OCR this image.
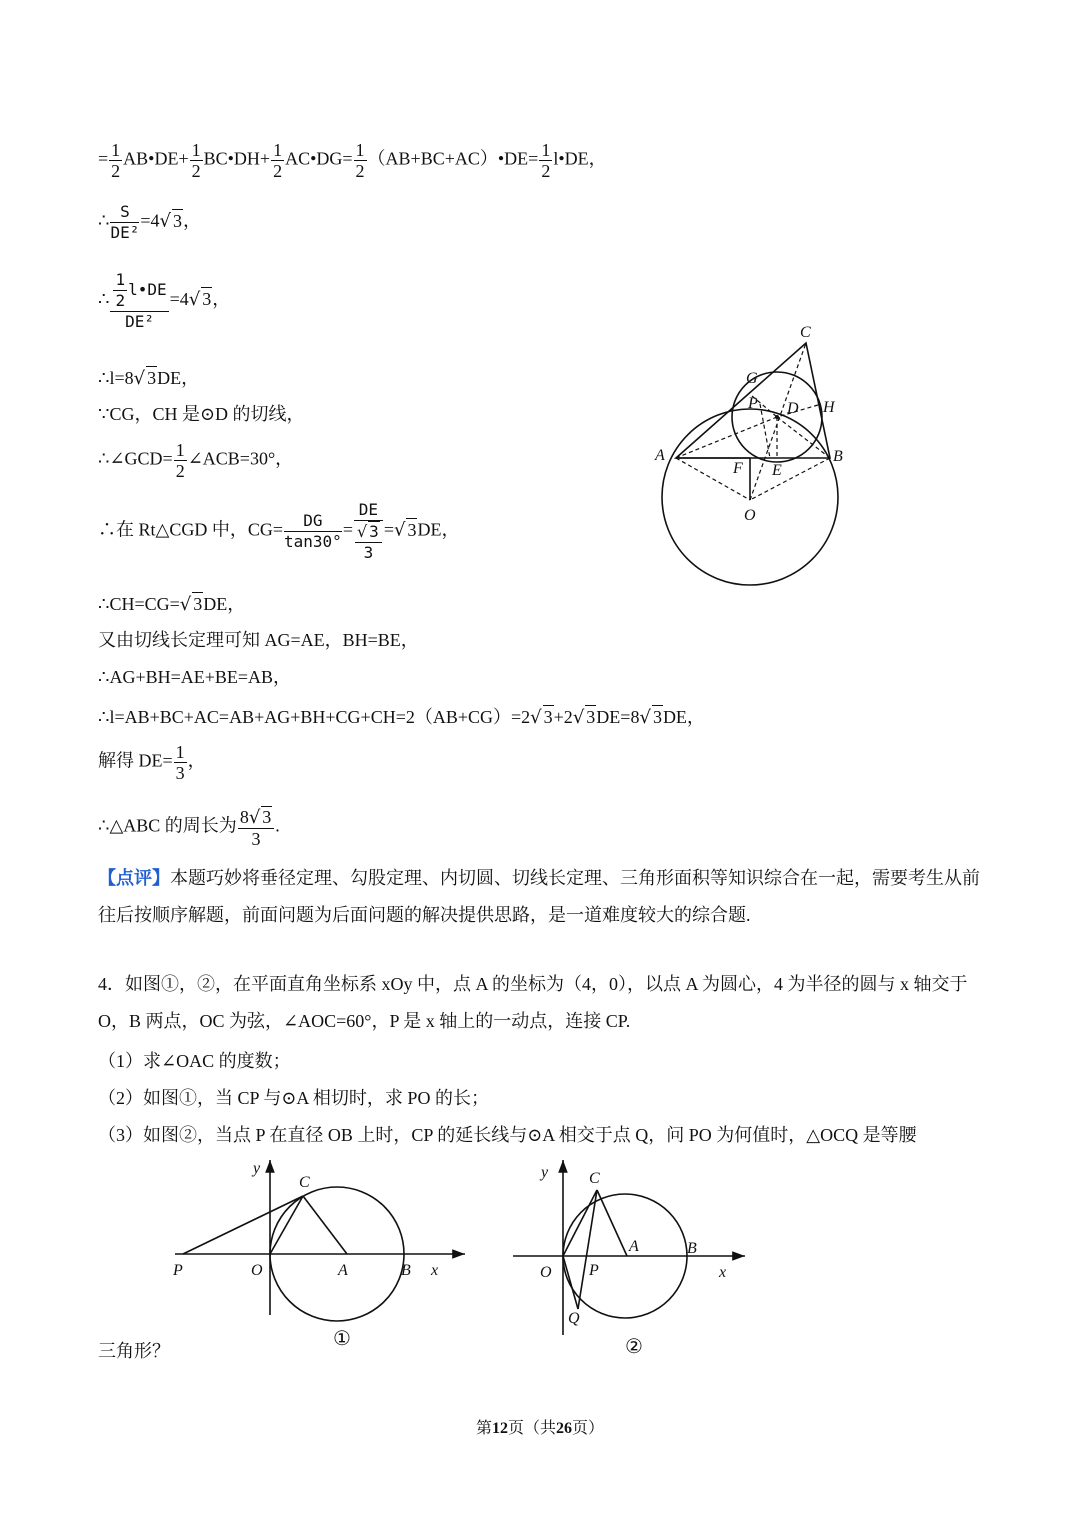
= $\frac{1}{2}$ AB•DE+ $\frac{1}{2}$ BC•DH+ $\frac{1}{2}$ AC•DG= $\frac{1}{2}$ （AB+BC+AC）•DE= $\frac{1}{2}$ l•DE，
∴ $\frac{S}{\text{DE²}} =4√$ 3，
∴ $\frac{\frac{1}{2} l•DE}{\text{DE²}} =4√$ 3，
∴l=8√ 3DE，
∵CG，CH 是⊙D 的切线，
∴∠GCD= $\frac{1}{2}$ ∠ACB=30°，
∴在 Rt△CGD 中，$CG= \frac{DG}{\tan 30^\circ} = \frac{DE}{\frac{√ 3}{3}}$ =√ 3DE，
∴CH=CG=√ 3DE，
又由切线长定理可知 AG=AE，BH=BE，
∴AG+BH=AE+BE=AB，
∴l=AB+BC+AC=AB+AG+BH+CG+CH=2（AB+CG）=2√ 3+2√ 3DE=8√ 3DE，
解得 $DE= \frac{1}{3}$ ，
∴△ABC 的周长为 $\frac{8√ 3}{3}$ .
【点评】本题巧妙将垂径定理、勾股定理、内切圆、切线长定理、三角形面积等知识综合在一起，需要考生从前往后按顺序解题，前面问题为后面问题的解决提供思路，是一道难度较大的综合题.
4．如图①，②，在平面直角坐标系 xOy 中，点 A 的坐标为（4，0），以点 A 为圆心，4 为半径的圆与 x 轴交于 O，B 两点，OC 为弦，∠AOC=60°，P 是 x 轴上的一动点，连接 CP.
（1）求∠OAC 的度数；
（2）如图①，当 CP 与⊙A 相切时，求 PO 的长；
（3）如图②，当点 P 在直径 OB 上时，CP 的延长线与⊙A 相交于点 Q，问 PO 为何值时，△OCQ 是等腰
三角形？
C
G
P D H
A	B
F E
O
y
C
P	O	A	B x
①
y	C
O P
A	B
x
Q
②
第12页（共26页）
